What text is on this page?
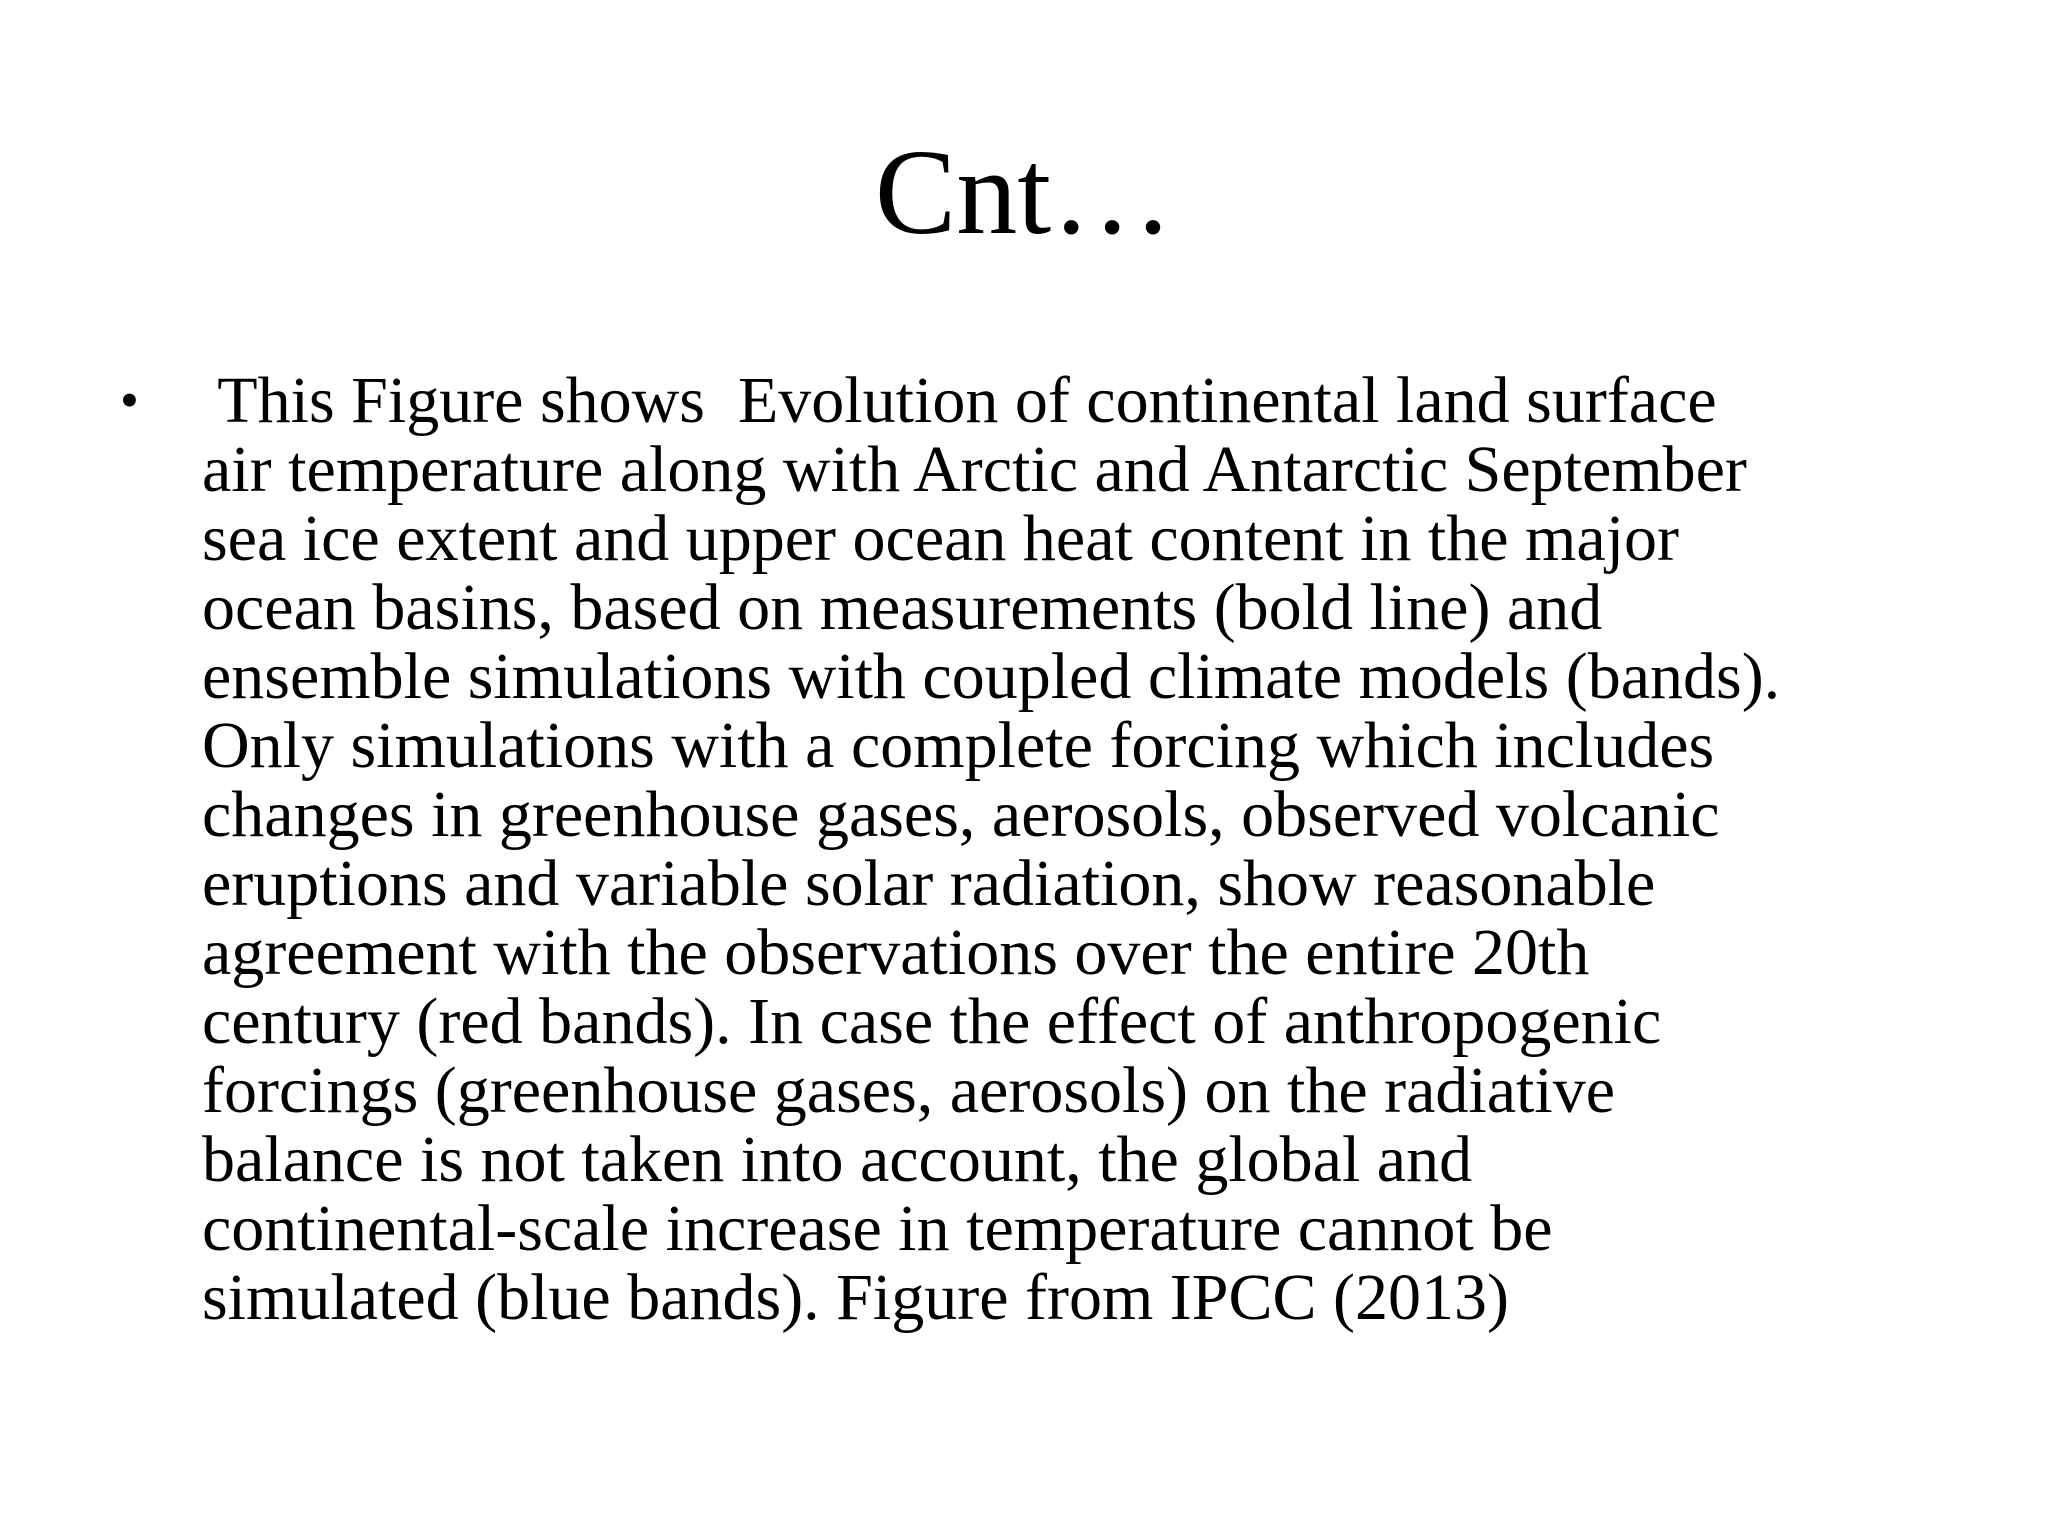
Cnt…
• This Figure shows  Evolution of continental land surface
air temperature along with Arctic and Antarctic September
sea ice extent and upper ocean heat content in the major
ocean basins, based on measurements (bold line) and
ensemble simulations with coupled climate models (bands).
Only simulations with a complete forcing which includes
changes in greenhouse gases, aerosols, observed volcanic
eruptions and variable solar radiation, show reasonable
agreement with the observations over the entire 20th
century (red bands). In case the effect of anthropogenic
forcings (greenhouse gases, aerosols) on the radiative
balance is not taken into account, the global and
continental-scale increase in temperature cannot be
simulated (blue bands). Figure from IPCC (2013)
